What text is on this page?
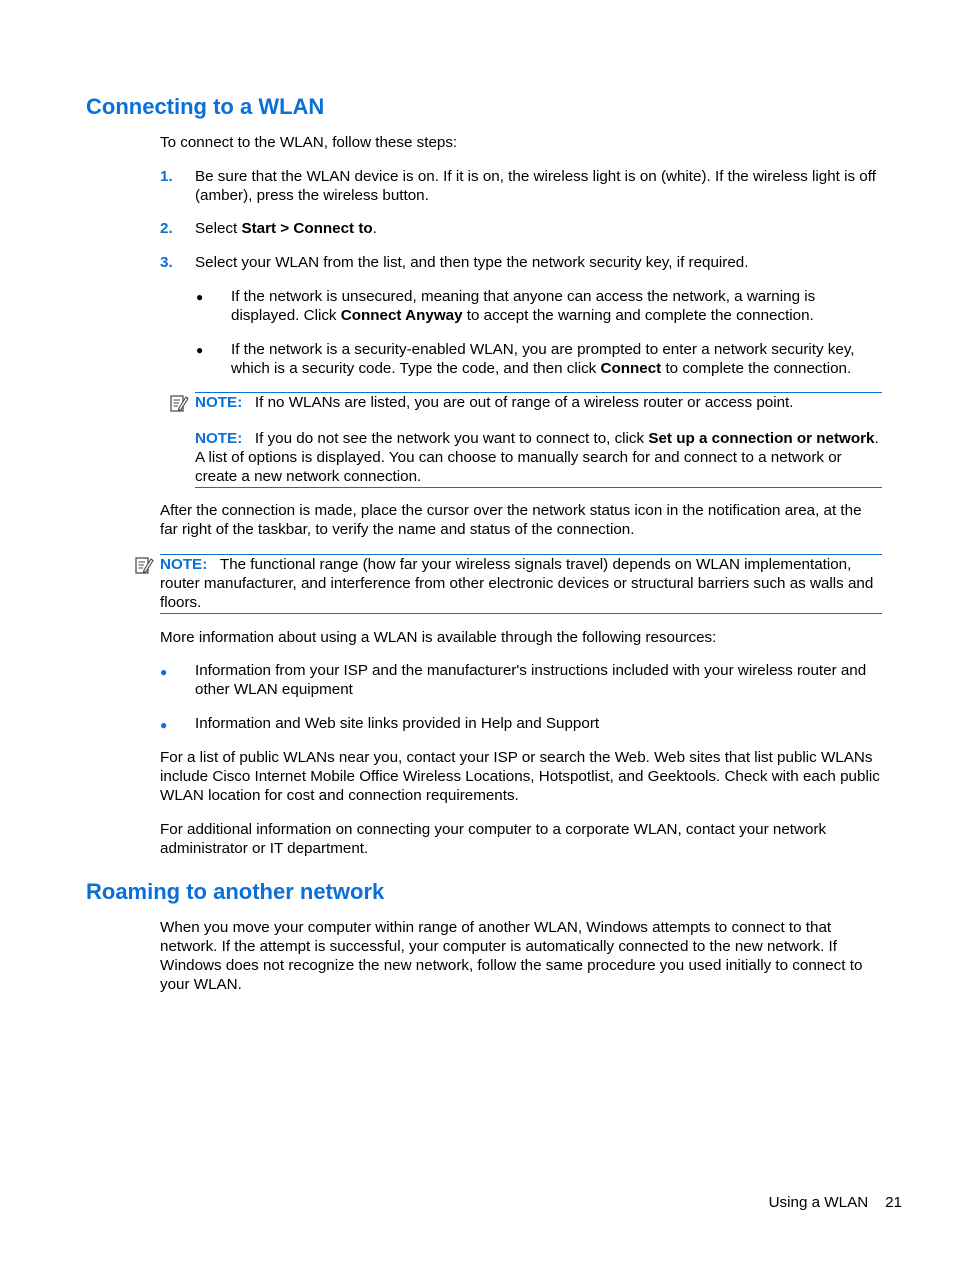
Connecting to a WLAN

To connect to the WLAN, follow these steps:

1. Be sure that the WLAN device is on. If it is on, the wireless light is on (white). If the wireless light is off (amber), press the wireless button.

2. Select Start > Connect to.

3. Select your WLAN from the list, and then type the network security key, if required.

● If the network is unsecured, meaning that anyone can access the network, a warning is displayed. Click Connect Anyway to accept the warning and complete the connection.

● If the network is a security-enabled WLAN, you are prompted to enter a network security key, which is a security code. Type the code, and then click Connect to complete the connection.

NOTE: If no WLANs are listed, you are out of range of a wireless router or access point.

NOTE: If you do not see the network you want to connect to, click Set up a connection or network. A list of options is displayed. You can choose to manually search for and connect to a network or create a new network connection.

After the connection is made, place the cursor over the network status icon in the notification area, at the far right of the taskbar, to verify the name and status of the connection.

NOTE: The functional range (how far your wireless signals travel) depends on WLAN implementation, router manufacturer, and interference from other electronic devices or structural barriers such as walls and floors.

More information about using a WLAN is available through the following resources:

● Information from your ISP and the manufacturer's instructions included with your wireless router and other WLAN equipment

● Information and Web site links provided in Help and Support

For a list of public WLANs near you, contact your ISP or search the Web. Web sites that list public WLANs include Cisco Internet Mobile Office Wireless Locations, Hotspotlist, and Geektools. Check with each public WLAN location for cost and connection requirements.

For additional information on connecting your computer to a corporate WLAN, contact your network administrator or IT department.

Roaming to another network

When you move your computer within range of another WLAN, Windows attempts to connect to that network. If the attempt is successful, your computer is automatically connected to the new network. If Windows does not recognize the new network, follow the same procedure you used initially to connect to your WLAN.

Using a WLAN 21
